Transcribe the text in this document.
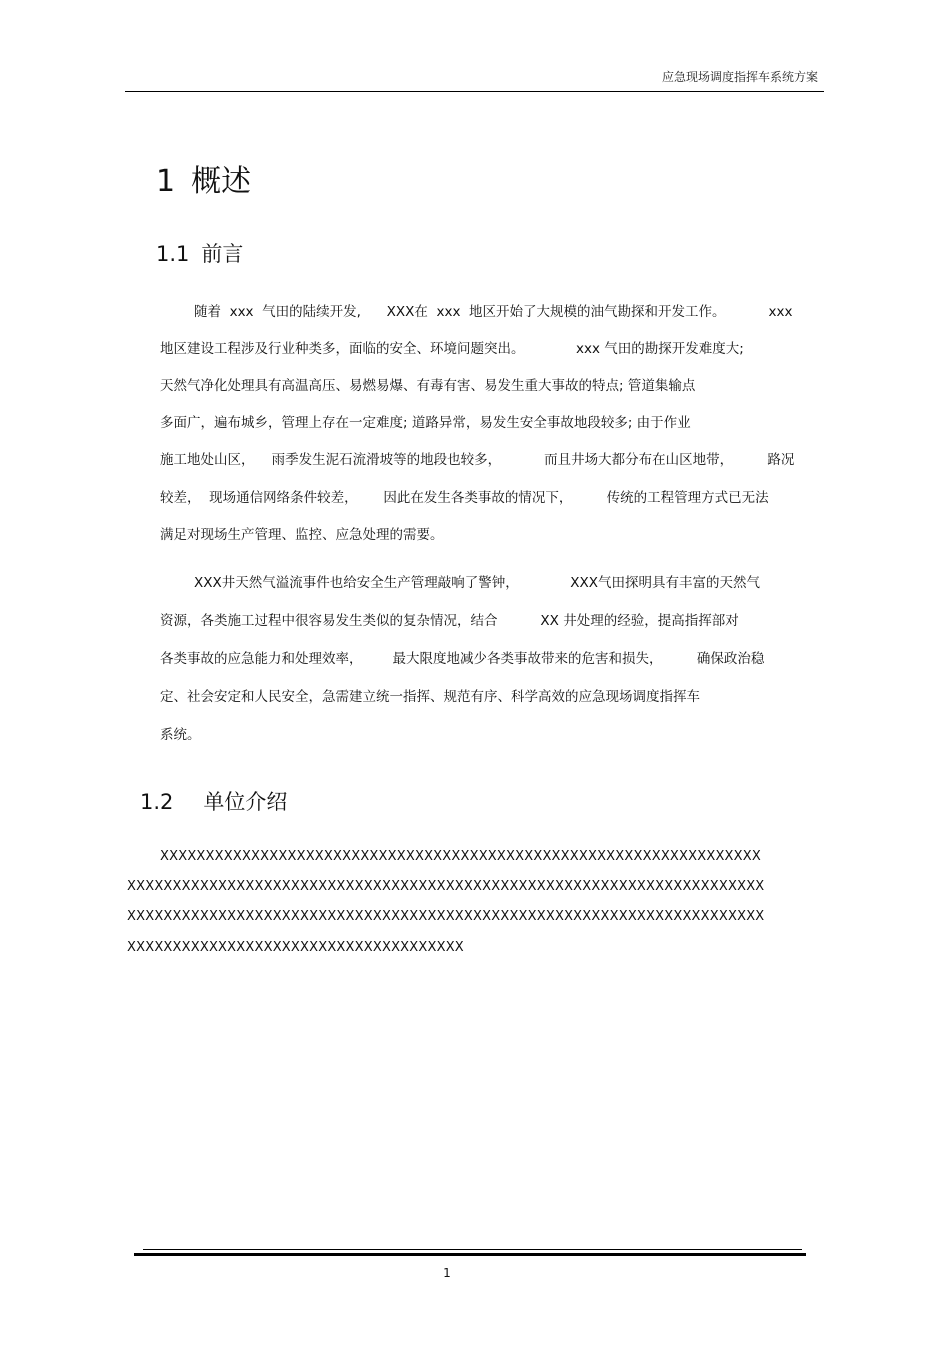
应急现场调度指挥车系统方案
1 概述
1.1 前言
随着  xxx  气田的陆续开发,      XXX在  xxx  地区开始了大规模的油气勘探和开发工作。          xxx
地区建设工程涉及行业种类多，面临的安全、环境问题突出。            xxx 气田的勘探开发难度大;
天然气净化处理具有高温高压、易燃易爆、有毒有害、易发生重大事故的特点; 管道集输点
多面广，遍布城乡，管理上存在一定难度; 道路异常，易发生安全事故地段较多; 由于作业
施工地处山区，    雨季发生泥石流滑坡等的地段也较多，          而且井场大都分布在山区地带，        路况
较差，  现场通信网络条件较差，      因此在发生各类事故的情况下，        传统的工程管理方式已无法
满足对现场生产管理、监控、应急处理的需要。
XXX井天然气溢流事件也给安全生产管理敲响了警钟，            XXX气田探明具有丰富的天然气
资源，各类施工过程中很容易发生类似的复杂情况，结合          XX 井处理的经验，提高指挥部对
各类事故的应急能力和处理效率，       最大限度地减少各类事故带来的危害和损失，        确保政治稳
定、社会安定和人民安全，急需建立统一指挥、规范有序、科学高效的应急现场调度指挥车
系统。
1.2 单位介绍
XXXXXXXXXXXXXXXXXXXXXXXXXXXXXXXXXXXXXXXXXXXXXXXXXXXXXXXXXXXXXXXXXX
XXXXXXXXXXXXXXXXXXXXXXXXXXXXXXXXXXXXXXXXXXXXXXXXXXXXXXXXXXXXXXXXXXXXXX
XXXXXXXXXXXXXXXXXXXXXXXXXXXXXXXXXXXXXXXXXXXXXXXXXXXXXXXXXXXXXXXXXXXXXX
XXXXXXXXXXXXXXXXXXXXXXXXXXXXXXXXXXXXX
1
